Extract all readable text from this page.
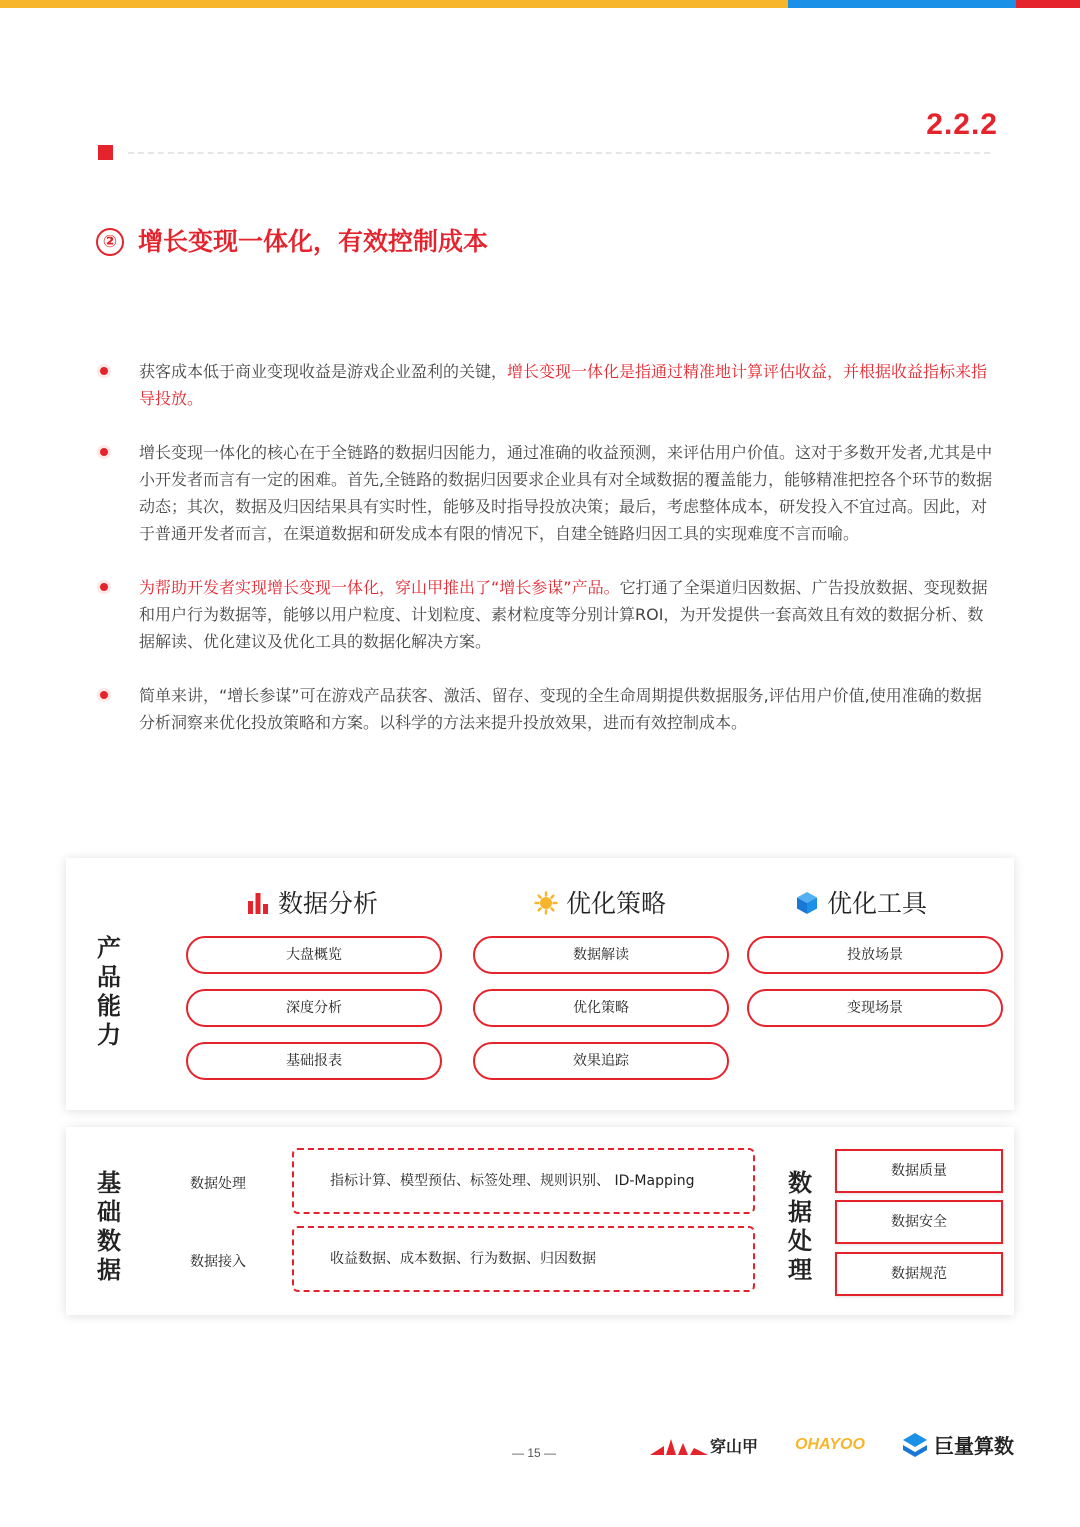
2.2.2
② 增长变现一体化，有效控制成本
获客成本低于商业变现收益是游戏企业盈利的关键，增长变现一体化是指通过精准地计算评估收益，并根据收益指标来指导投放。
增长变现一体化的核心在于全链路的数据归因能力，通过准确的收益预测，来评估用户价值。这对于多数开发者,尤其是中小开发者而言有一定的困难。首先,全链路的数据归因要求企业具有对全域数据的覆盖能力，能够精准把控各个环节的数据动态；其次，数据及归因结果具有实时性，能够及时指导投放决策；最后，考虑整体成本，研发投入不宜过高。因此，对于普通开发者而言，在渠道数据和研发成本有限的情况下，自建全链路归因工具的实现难度不言而喻。
为帮助开发者实现增长变现一体化，穿山甲推出了“增长参谋”产品。它打通了全渠道归因数据、广告投放数据、变现数据和用户行为数据等，能够以用户粒度、计划粒度、素材粒度等分别计算ROI，为开发提供一套高效且有效的数据分析、数据解读、优化建议及优化工具的数据化解决方案。
简单来讲，“增长参谋”可在游戏产品获客、激活、留存、变现的全生命周期提供数据服务,评估用户价值,使用准确的数据分析洞察来优化投放策略和方案。以科学的方法来提升投放效果，进而有效控制成本。
产品能力
数据分析	优化策略	优化工具
大盘概览
深度分析
基础报表
数据解读
优化策略
效果追踪
投放场景
变现场景
基础数据
数据处理
数据接入
指标计算、模型预估、标签处理、规则识别、 ID-Mapping
收益数据、成本数据、行为数据、归因数据
数据处理
数据质量
数据安全
数据规范
— 15 —	穿山甲 OHAYOO	巨量算数
